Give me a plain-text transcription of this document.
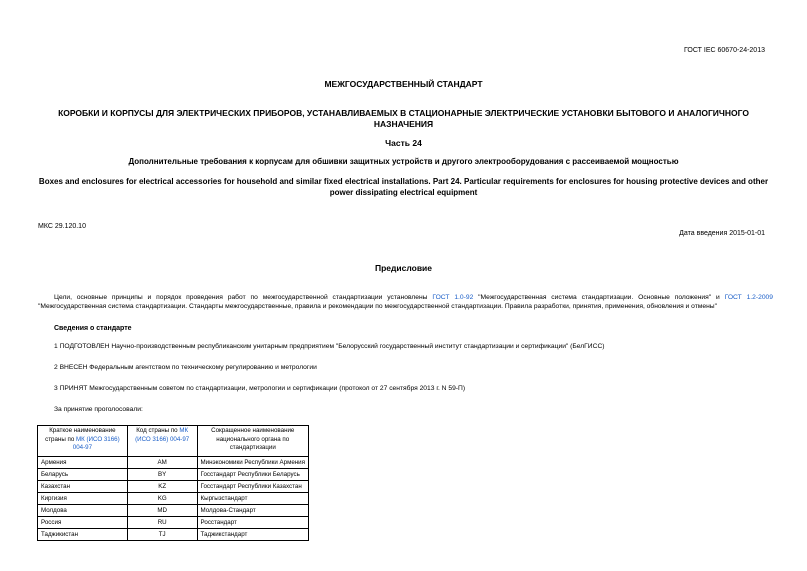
ГОСТ IEC 60670-24-2013
МЕЖГОСУДАРСТВЕННЫЙ СТАНДАРТ
КОРОБКИ И КОРПУСЫ ДЛЯ ЭЛЕКТРИЧЕСКИХ ПРИБОРОВ, УСТАНАВЛИВАЕМЫХ В СТАЦИОНАРНЫЕ ЭЛЕКТРИЧЕСКИЕ УСТАНОВКИ БЫТОВОГО И АНАЛОГИЧНОГО НАЗНАЧЕНИЯ
Часть 24
Дополнительные требования к корпусам для обшивки защитных устройств и другого электрооборудования с рассеиваемой мощностью
Boxes and enclosures for electrical accessories for household and similar fixed electrical installations. Part 24. Particular requirements for enclosures for housing protective devices and other power dissipating electrical equipment
МКС 29.120.10
Дата введения 2015-01-01
Предисловие
Цели, основные принципы и порядок проведения работ по межгосударственной стандартизации установлены ГОСТ 1.0-92 "Межгосударственная система стандартизации. Основные положения" и ГОСТ 1.2-2009 "Межгосударственная система стандартизации. Стандарты межгосударственные, правила и рекомендации по межгосударственной стандартизации. Правила разработки, принятия, применения, обновления и отмены"
Сведения о стандарте
1 ПОДГОТОВЛЕН Научно-производственным республиканским унитарным предприятием "Белорусский государственный институт стандартизации и сертификации" (БелГИСС)
2 ВНЕСЕН Федеральным агентством по техническому регулированию и метрологии
3 ПРИНЯТ Межгосударственным советом по стандартизации, метрологии и сертификации (протокол от 27 сентября 2013 г. N 59-П)
За принятие проголосовали:
Краткое наименование страны по МК (ИСО 3166) 004-97	Код страны по МК (ИСО 3166) 004-97	Сокращенное наименование национального органа по стандартизации
Армения	AM	Минэкономики Республики Армения
Беларусь	BY	Госстандарт Республики Беларусь
Казахстан	KZ	Госстандарт Республики Казахстан
Киргизия	KG	Кыргызстандарт
Молдова	MD	Молдова-Стандарт
Россия	RU	Росстандарт
Таджикистан	TJ	Таджикстандарт
